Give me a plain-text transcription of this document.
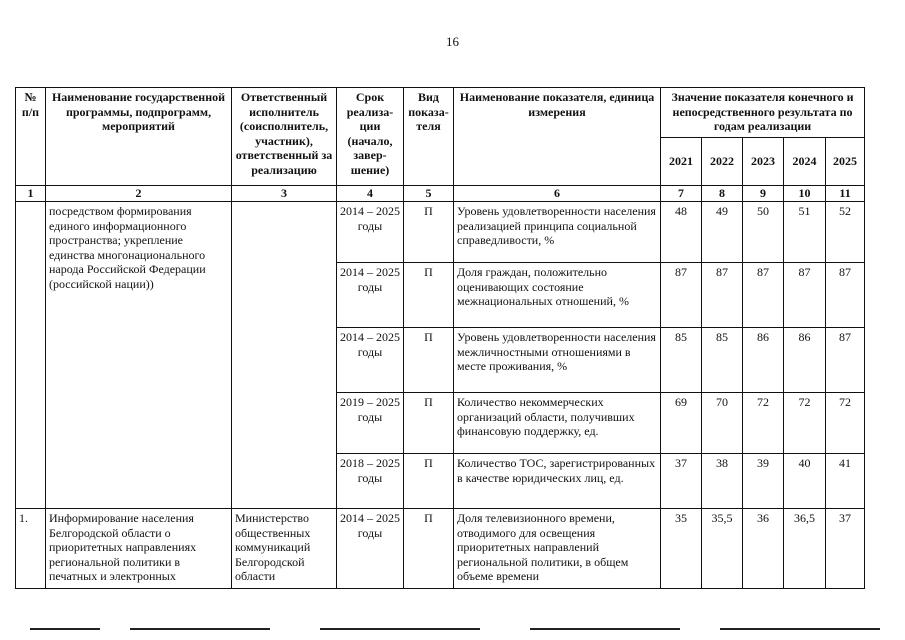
16
№ п/п	Наименование государственной программы, подпрограмм, мероприятий	Ответственный исполнитель (соисполнитель, участник), ответственный за реализацию	Срок реализа-ции (начало, завер-шение)	Вид показа-теля	Наименование показателя, единица измерения	Значение показателя конечного и непосредственного результата по годам реализации				
						2021	2022	2023	2024	2025
1	2	3	4	5	6	7	8	9	10	11
	посредством формирования единого информационного пространства; укрепление единства многонационального народа Российской Федерации (российской нации))		2014 – 2025 годы	П	Уровень удовлетворенности населения реализацией принципа социальной справедливости, %	48	49	50	51	52
			2014 – 2025 годы	П	Доля граждан, положительно оценивающих состояние межнациональных отношений, %	87	87	87	87	87
			2014 – 2025 годы	П	Уровень удовлетворенности населения межличностными отношениями в месте проживания, %	85	85	86	86	87
			2019 – 2025 годы	П	Количество некоммерческих организаций области, получивших финансовую поддержку, ед.	69	70	72	72	72
			2018 – 2025 годы	П	Количество ТОС, зарегистрированных в качестве юридических лиц, ед.	37	38	39	40	41
1.	Информирование населения Белгородской области о приоритетных направлениях региональной политики в печатных и электронных	Министерство общественных коммуникаций Белгородской области	2014 – 2025 годы	П	Доля телевизионного времени, отводимого для освещения приоритетных направлений региональной политики, в общем объеме времени	35	35,5	36	36,5	37
